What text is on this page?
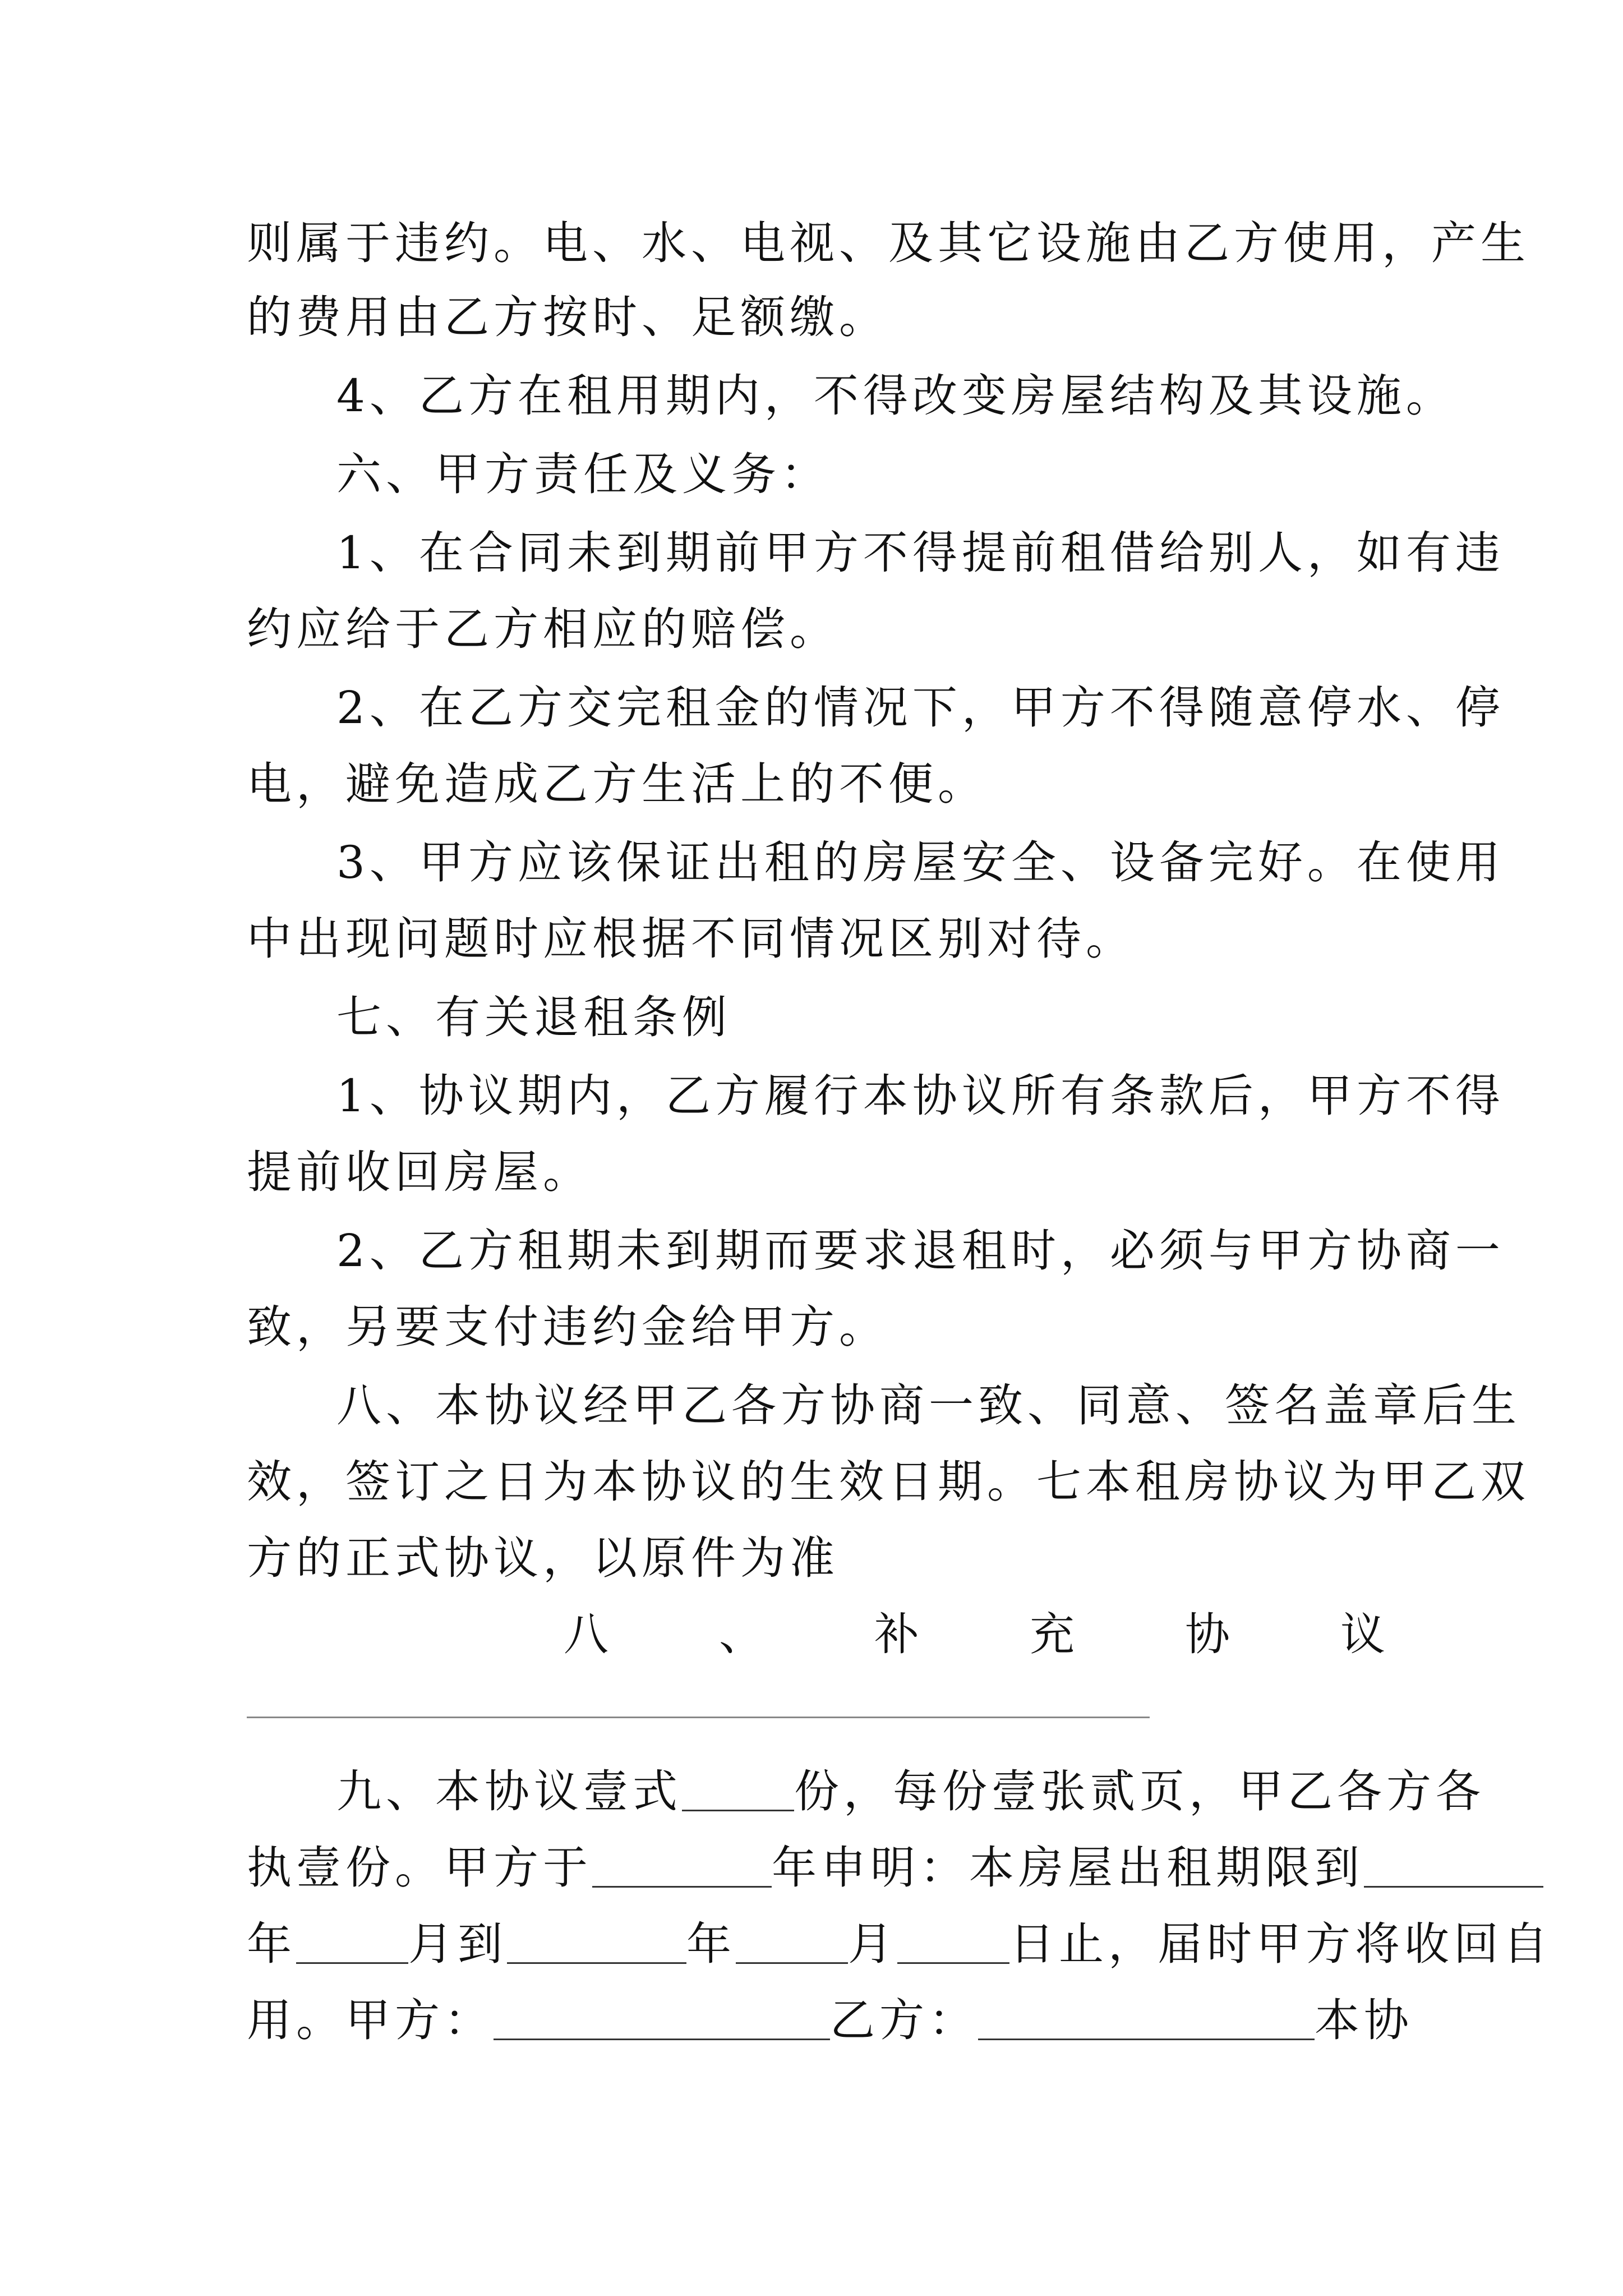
则属于违约。电、水、电视、及其它设施由乙方使用，产生
的费用由乙方按时、足额缴。
4、乙方在租用期内，不得改变房屋结构及其设施。
六、甲方责任及义务：
1、在合同未到期前甲方不得提前租借给别人，如有违
约应给于乙方相应的赔偿。
2、在乙方交完租金的情况下，甲方不得随意停水、停
电，避免造成乙方生活上的不便。
3、甲方应该保证出租的房屋安全、设备完好。在使用
中出现问题时应根据不同情况区别对待。
七、有关退租条例
1、协议期内，乙方履行本协议所有条款后，甲方不得
提前收回房屋。
2、乙方租期未到期而要求退租时，必须与甲方协商一
致，另要支付违约金给甲方。
八、本协议经甲乙各方协商一致、同意、签名盖章后生
效，签订之日为本协议的生效日期。七本租房协议为甲乙双
方的正式协议，以原件为准
八 、 补 充 协 议
九、本协议壹式	份，每份壹张贰页，甲乙各方各
执壹份。甲方于	年申明：本房屋出租期限到
年	月到	年	月	日止，届时甲方将收回自
用。甲方：	乙方：	本协
